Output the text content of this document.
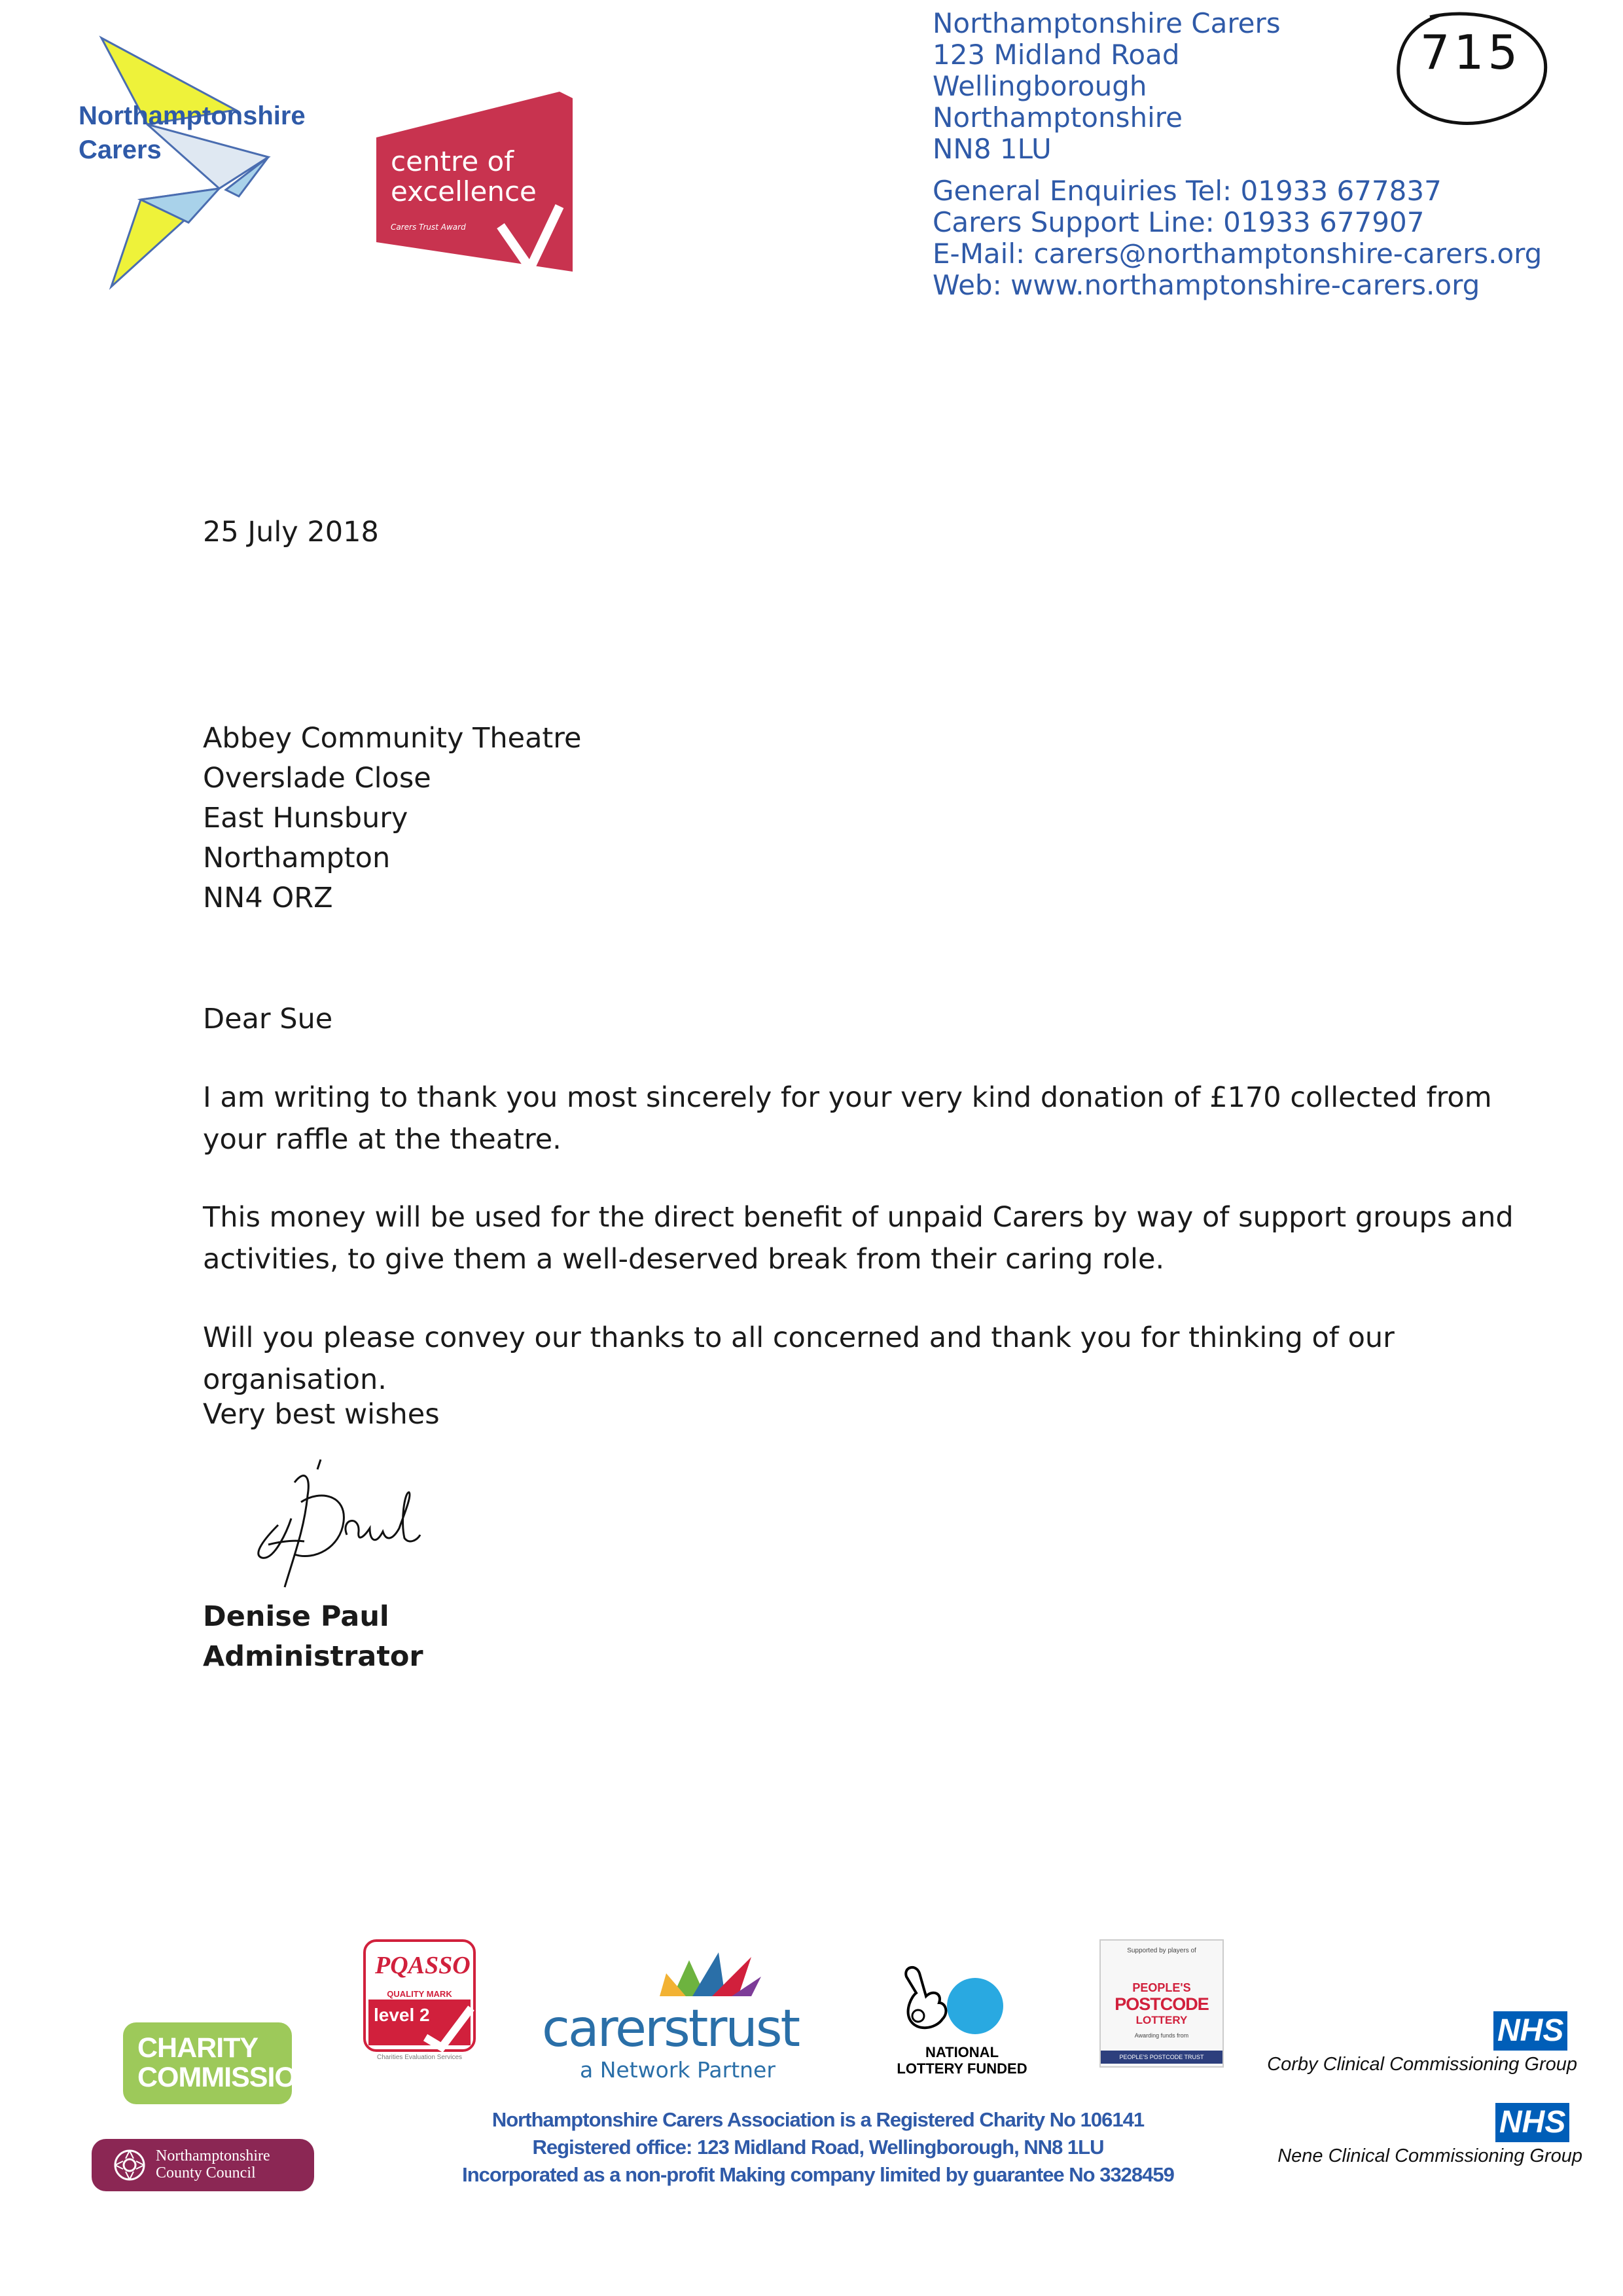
Northamptonshire
Carers	centre of
excellence
Carers Trust Award
Northamptonshire Carers
123 Midland Road
Wellingborough
Northamptonshire
NN8 1LU
General Enquiries Tel: 01933 677837
Carers Support Line: 01933 677907
E-Mail: carers@northamptonshire-carers.org
Web: www.northamptonshire-carers.org
715
25 July 2018
Abbey Community Theatre
Overslade Close
East Hunsbury
Northampton
NN4 ORZ
Dear Sue
I am writing to thank you most sincerely for your very kind donation of £170 collected from your raffle at the theatre.
This money will be used for the direct benefit of unpaid Carers by way of support groups and activities, to give them a well-deserved break from their caring role.
Will you please convey our thanks to all concerned and thank you for thinking of our organisation.
Very best wishes
Denise Paul
Administrator
CHARITY
COMMISSION
Northamptonshire
County Council
PQASSO
QUALITY MARK
level 2
Charities Evaluation Services carerstrust
a Network Partner
NATIONAL
LOTTERY FUNDED
Supported by players of
PEOPLE'S
POSTCODE
LOTTERY
Awarding funds from
PEOPLE'S POSTCODE TRUST
NHS
Corby Clinical Commissioning Group
NHS
Nene Clinical Commissioning Group
Northamptonshire Carers Association is a Registered Charity No 106141
Registered office: 123 Midland Road, Wellingborough, NN8 1LU
Incorporated as a non-profit Making company limited by guarantee No 3328459
